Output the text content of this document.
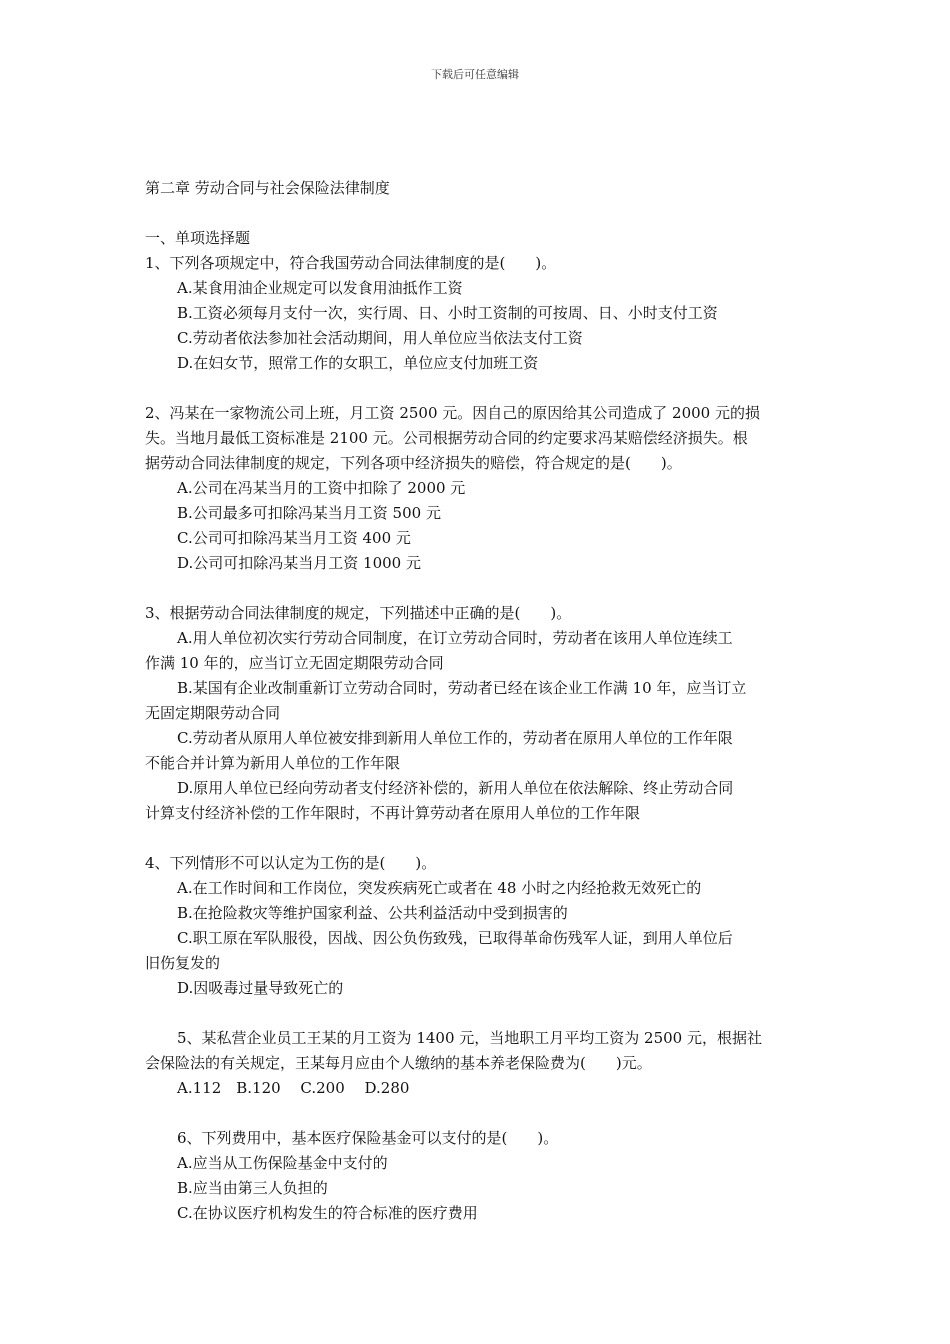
下载后可任意编辑
第二章 劳动合同与社会保险法律制度
一、单项选择题
1、下列各项规定中，符合我国劳动合同法律制度的是(　　)。
A.某食用油企业规定可以发食用油抵作工资
B.工资必须每月支付一次，实行周、日、小时工资制的可按周、日、小时支付工资
C.劳动者依法参加社会活动期间，用人单位应当依法支付工资
D.在妇女节，照常工作的女职工，单位应支付加班工资
2、冯某在一家物流公司上班，月工资 2500 元。因自己的原因给其公司造成了 2000 元的损
失。当地月最低工资标准是 2100 元。公司根据劳动合同的约定要求冯某赔偿经济损失。根
据劳动合同法律制度的规定，下列各项中经济损失的赔偿，符合规定的是(　　)。
A.公司在冯某当月的工资中扣除了 2000 元
B.公司最多可扣除冯某当月工资 500 元
C.公司可扣除冯某当月工资 400 元
D.公司可扣除冯某当月工资 1000 元
3、根据劳动合同法律制度的规定，下列描述中正确的是(　　)。
A.用人单位初次实行劳动合同制度，在订立劳动合同时，劳动者在该用人单位连续工
作满 10 年的，应当订立无固定期限劳动合同
B.某国有企业改制重新订立劳动合同时，劳动者已经在该企业工作满 10 年，应当订立
无固定期限劳动合同
C.劳动者从原用人单位被安排到新用人单位工作的，劳动者在原用人单位的工作年限
不能合并计算为新用人单位的工作年限
D.原用人单位已经向劳动者支付经济补偿的，新用人单位在依法解除、终止劳动合同
计算支付经济补偿的工作年限时，不再计算劳动者在原用人单位的工作年限
4、下列情形不可以认定为工伤的是(　　)。
A.在工作时间和工作岗位，突发疾病死亡或者在 48 小时之内经抢救无效死亡的
B.在抢险救灾等维护国家利益、公共利益活动中受到损害的
C.职工原在军队服役，因战、因公负伤致残，已取得革命伤残军人证，到用人单位后
旧伤复发的
D.因吸毒过量导致死亡的
5、某私营企业员工王某的月工资为 1400 元，当地职工月平均工资为 2500 元，根据社
会保险法的有关规定，王某每月应由个人缴纳的基本养老保险费为(　　)元。
A.112　B.120　 C.200　 D.280
6、下列费用中，基本医疗保险基金可以支付的是(　　)。
A.应当从工伤保险基金中支付的
B.应当由第三人负担的
C.在协议医疗机构发生的符合标准的医疗费用
